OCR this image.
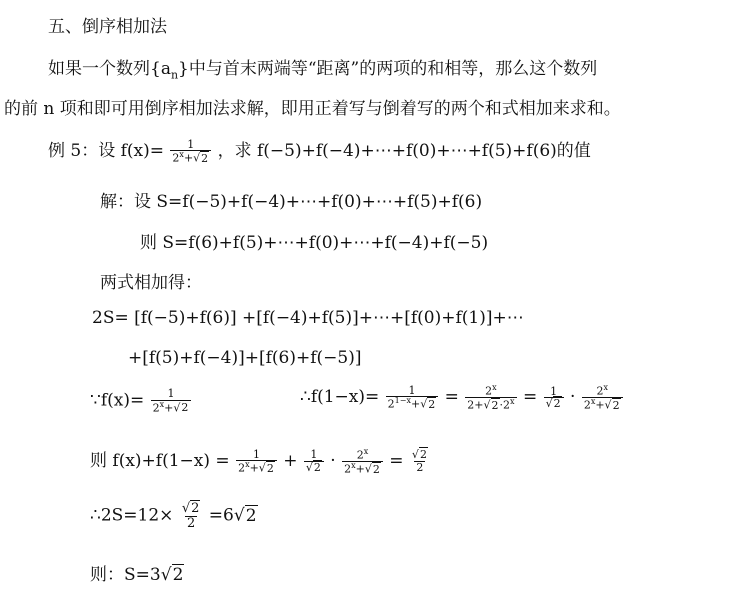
五、倒序相加法
如果一个数列$\{a_n\}$中与首末两端等“距离”的两项的和相等，那么这个数列
的前 n 项和即可用倒序相加法求解，即用正着写与倒着写的两个和式相加来求和。
例 5：设 $f(x)= \frac{1}{2^x+√2}$ ，求 f(−5)+f(−4)+⋯+f(0)+⋯+f(5)+f(6)的值
解：设 S=f(−5)+f(−4)+⋯+f(0)+⋯+f(5)+f(6)
则 S=f(6)+f(5)+⋯+f(0)+⋯+f(−4)+f(−5)
两式相加得：
2S= [f(−5)+f(6)] +[f(−4)+f(5)]+⋯+[f(0)+f(1)]+⋯
+[f(5)+f(−4)]+[f(6)+f(−5)]
∵f(x)= $\frac{1}{2^x+√2}$	∴f(1−x)= $\frac{1}{2^{1-x}+√2} = \frac{2^x}{2+√2\cdot 2^x} = \frac{1}{√2} \cdot \frac{2^x}{2^x+√2}$
则 $f(x)+f(1-x) = \frac{1}{2^x+√2} + \frac{1}{√2} \cdot \frac{2^x}{2^x+√2} = \frac{√2}{2}$
∴2S=12× $\frac{√2}{2} =6√2$
则：S=3√2
